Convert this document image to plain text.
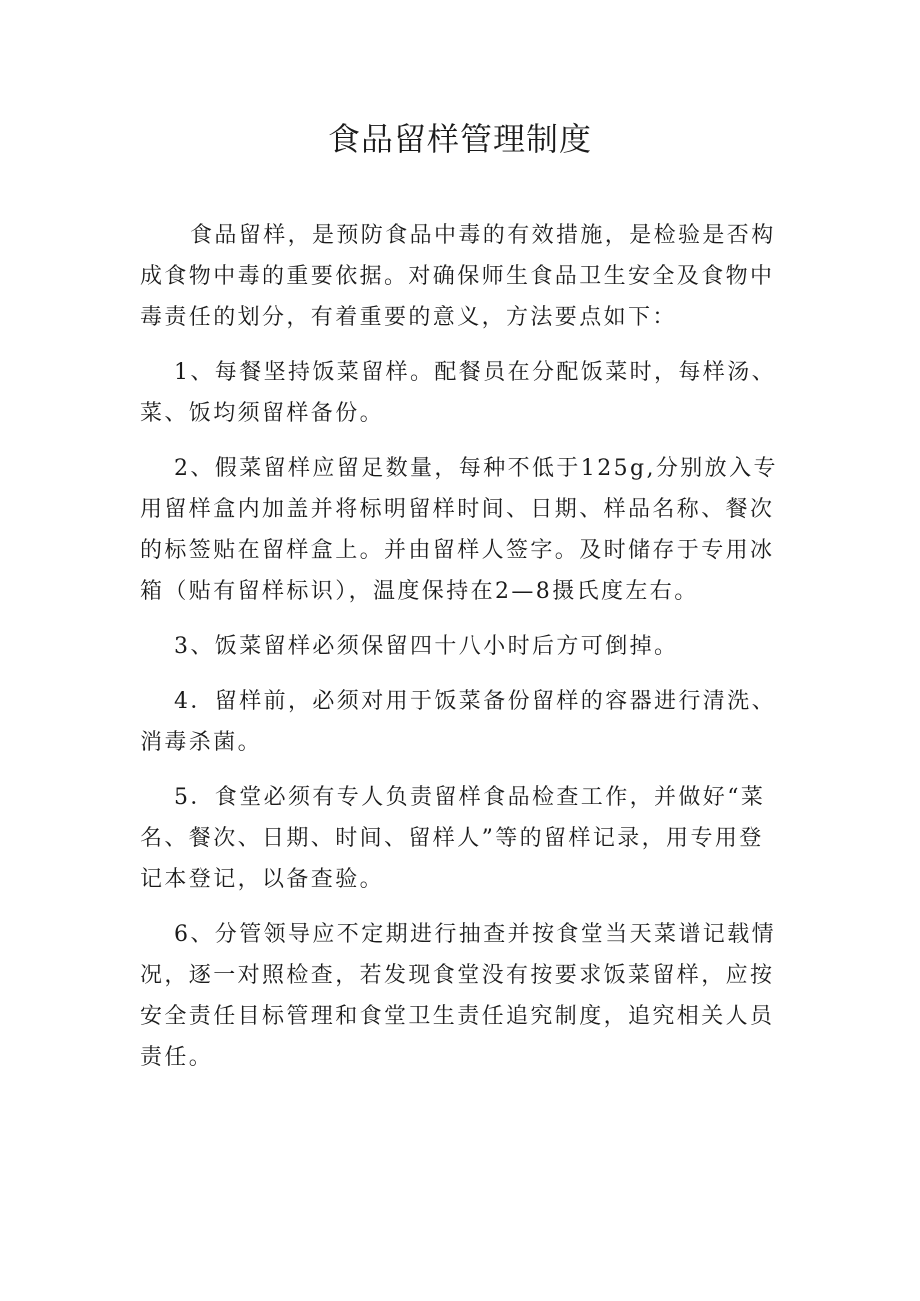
食品留样管理制度

食品留样，是预防食品中毒的有效措施，是检验是否构成食物中毒的重要依据。对确保师生食品卫生安全及食物中毒责任的划分，有着重要的意义，方法要点如下：

1、每餐坚持饭菜留样。配餐员在分配饭菜时，每样汤、菜、饭均须留样备份。

2、假菜留样应留足数量，每种不低于125g,分别放入专用留样盒内加盖并将标明留样时间、日期、样品名称、餐次的标签贴在留样盒上。并由留样人签字。及时储存于专用冰箱（贴有留样标识），温度保持在2—8摄氏度左右。

3、饭菜留样必须保留四十八小时后方可倒掉。

4．留样前，必须对用于饭菜备份留样的容器进行清洗、消毒杀菌。

5．食堂必须有专人负责留样食品检查工作，并做好“菜名、餐次、日期、时间、留样人”等的留样记录，用专用登记本登记，以备查验。

6、分管领导应不定期进行抽查并按食堂当天菜谱记载情况，逐一对照检查，若发现食堂没有按要求饭菜留样，应按安全责任目标管理和食堂卫生责任追究制度，追究相关人员责任。
